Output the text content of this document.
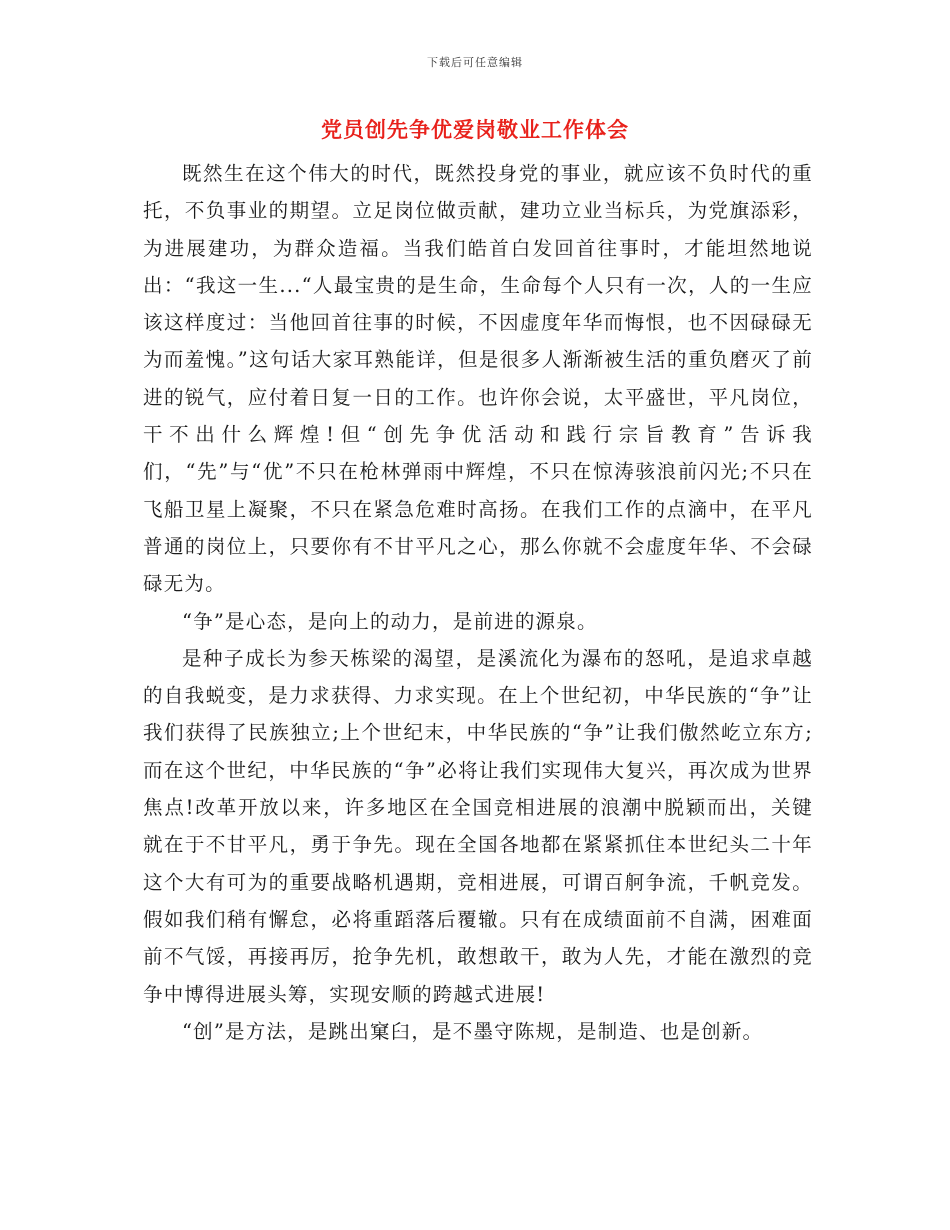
下载后可任意编辑
党员创先争优爱岗敬业工作体会

既然生在这个伟大的时代，既然投身党的事业，就应该不负时代的重托，不负事业的期望。立足岗位做贡献，建功立业当标兵，为党旗添彩，为进展建功，为群众造福。当我们皓首白发回首往事时，才能坦然地说出：“我这一生...“人最宝贵的是生命，生命每个人只有一次，人的一生应该这样度过：当他回首往事的时候，不因虚度年华而悔恨，也不因碌碌无为而羞愧。”这句话大家耳熟能详，但是很多人渐渐被生活的重负磨灭了前进的锐气，应付着日复一日的工作。也许你会说，太平盛世，平凡岗位，干不出什么辉煌!但“创先争优活动和践行宗旨教育”告诉我们，“先”与“优”不只在枪林弹雨中辉煌，不只在惊涛骇浪前闪光;不只在飞船卫星上凝聚，不只在紧急危难时高扬。在我们工作的点滴中，在平凡普通的岗位上，只要你有不甘平凡之心，那么你就不会虚度年华、不会碌碌无为。

“争”是心态，是向上的动力，是前进的源泉。

是种子成长为参天栋梁的渴望，是溪流化为瀑布的怒吼，是追求卓越的自我蜕变，是力求获得、力求实现。在上个世纪初，中华民族的“争”让我们获得了民族独立;上个世纪末，中华民族的“争”让我们傲然屹立东方;而在这个世纪，中华民族的“争”必将让我们实现伟大复兴，再次成为世界焦点!改革开放以来，许多地区在全国竞相进展的浪潮中脱颖而出，关键就在于不甘平凡，勇于争先。现在全国各地都在紧紧抓住本世纪头二十年这个大有可为的重要战略机遇期，竞相进展，可谓百舸争流，千帆竞发。假如我们稍有懈怠，必将重蹈落后覆辙。只有在成绩面前不自满，困难面前不气馁，再接再厉，抢争先机，敢想敢干，敢为人先，才能在激烈的竞争中博得进展头筹，实现安顺的跨越式进展!

“创”是方法，是跳出窠臼，是不墨守陈规，是制造、也是创新。
